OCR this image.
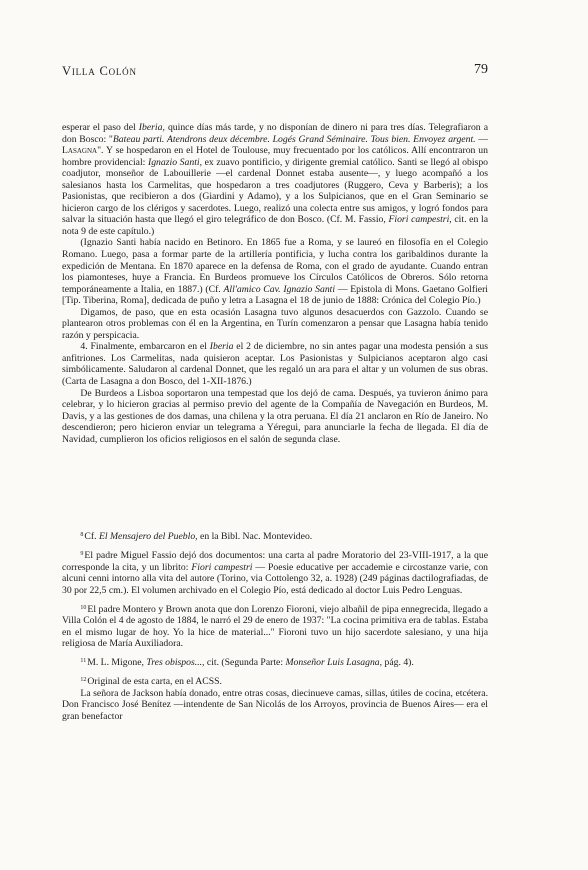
Villa Colón	79

esperar el paso del Iberia, quince días más tarde, y no disponían de dinero ni para tres días. Telegrafiaron a don Bosco: "Bateau parti. Atendrons deux décembre. Logés Grand Séminaire. Tous bien. Envoyez argent. — Lasagna". Y se hospedaron en el Hotel de Toulouse, muy frecuentado por los católicos. Allí encontraron un hombre providencial: Ignazio Santi, ex zuavo pontificio, y dirigente gremial católico. Santi se llegó al obispo coadjutor, monseñor de Labouillerie —el cardenal Donnet estaba ausente—, y luego acompañó a los salesianos hasta los Carmelitas, que hospedaron a tres coadjutores (Ruggero, Ceva y Barberis); a los Pasionistas, que recibieron a dos (Giardini y Adamo), y a los Sulpicianos, que en el Gran Seminario se hicieron cargo de los clérigos y sacerdotes. Luego, realizó una colecta entre sus amigos, y logró fondos para salvar la situación hasta que llegó el giro telegráfico de don Bosco. (Cf. M. Fassio, Fiori campestri, cit. en la nota 9 de este capítulo.)

(Ignazio Santi había nacido en Betinoro. En 1865 fue a Roma, y se laureó en filosofía en el Colegio Romano. Luego, pasa a formar parte de la artillería pontificia, y lucha contra los garibaldinos durante la expedición de Mentana. En 1870 aparece en la defensa de Roma, con el grado de ayudante. Cuando entran los piamonteses, huye a Francia. En Burdeos promueve los Círculos Católicos de Obreros. Sólo retorna temporáneamente a Italia, en 1887.) (Cf. All'amico Cav. Ignazio Santi — Epistola di Mons. Gaetano Golfieri [Tip. Tiberina, Roma], dedicada de puño y letra a Lasagna el 18 de junio de 1888: Crónica del Colegio Pío.)

Digamos, de paso, que en esta ocasión Lasagna tuvo algunos desacuerdos con Gazzolo. Cuando se plantearon otros problemas con él en la Argentina, en Turín comenzaron a pensar que Lasagna había tenido razón y perspicacia.

4. Finalmente, embarcaron en el Iberia el 2 de diciembre, no sin antes pagar una modesta pensión a sus anfitriones. Los Carmelitas, nada quisieron aceptar. Los Pasionistas y Sulpicianos aceptaron algo casi simbólicamente. Saludaron al cardenal Donnet, que les regaló un ara para el altar y un volumen de sus obras. (Carta de Lasagna a don Bosco, del 1-XII-1876.)

De Burdeos a Lisboa soportaron una tempestad que los dejó de cama. Después, ya tuvieron ánimo para celebrar, y lo hicieron gracias al permiso previo del agente de la Compañía de Navegación en Burdeos, M. Davis, y a las gestiones de dos damas, una chilena y la otra peruana. El día 21 anclaron en Río de Janeiro. No descendieron; pero hicieron enviar un telegrama a Yéregui, para anunciarle la fecha de llegada. El día de Navidad, cumplieron los oficios religiosos en el salón de segunda clase.

$^8$Cf. El Mensajero del Pueblo, en la Bibl. Nac. Montevideo.

$^9$El padre Miguel Fassio dejó dos documentos: una carta al padre Moratorio del 23-VIII-1917, a la que corresponde la cita, y un librito: Fiori campestri — Poesie educative per accademie e circostanze varie, con alcuni cenni intorno alla vita del autore (Torino, via Cottolengo 32, a. 1928) (249 páginas dactilografiadas, de 30 por 22,5 cm.). El volumen archivado en el Colegio Pío, está dedicado al doctor Luis Pedro Lenguas.

$^{10}$El padre Montero y Brown anota que don Lorenzo Fioroni, viejo albañil de pipa ennegrecida, llegado a Villa Colón el 4 de agosto de 1884, le narró el 29 de enero de 1937: "La cocina primitiva era de tablas. Estaba en el mismo lugar de hoy. Yo la hice de material..." Fioroni tuvo un hijo sacerdote salesiano, y una hija religiosa de María Auxiliadora.

$^{11}$M. L. Migone, Tres obispos..., cit. (Segunda Parte: Monseñor Luis Lasagna, pág. 4).

$^{12}$Original de esta carta, en el ACSS.

La señora de Jackson había donado, entre otras cosas, diecinueve camas, sillas, útiles de cocina, etcétera. Don Francisco José Benítez —intendente de San Nicolás de los Arroyos, provincia de Buenos Aires— era el gran benefactor
